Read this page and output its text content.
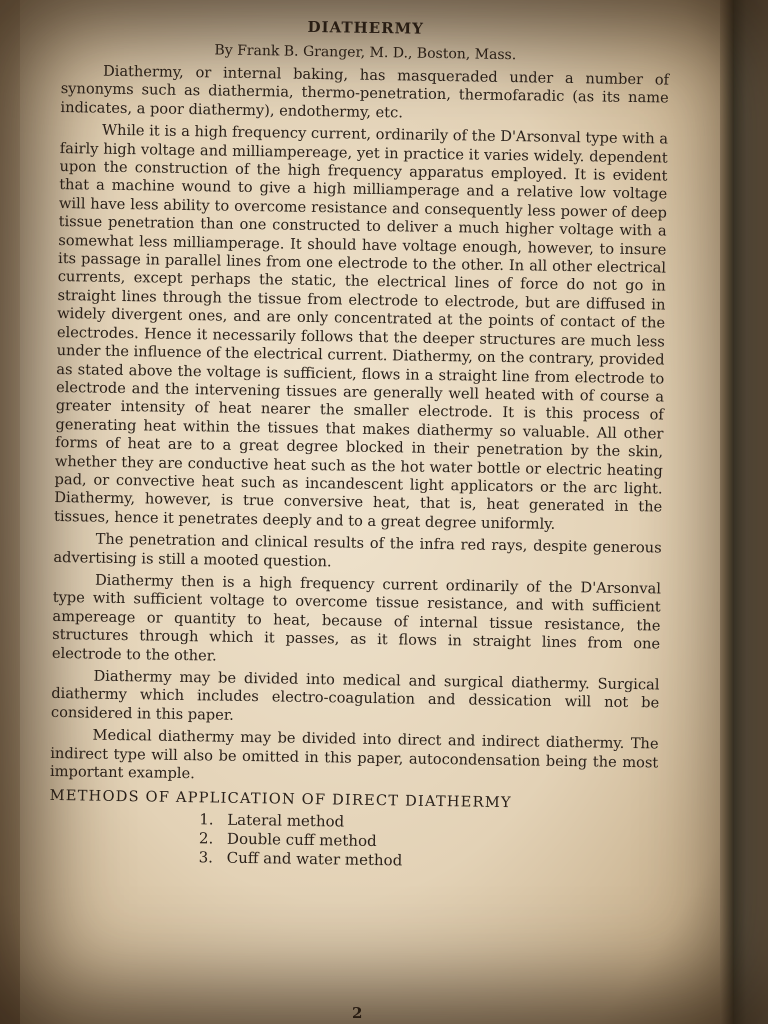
DIATHERMY
By Frank B. Granger, M. D., Boston, Mass.

Diathermy, or internal baking, has masqueraded under a number of synonyms such as diathermia, thermo-penetration, thermofaradic (as its name indicates, a poor diathermy), endothermy, etc.

While it is a high frequency current, ordinarily of the D'Arsonval type with a fairly high voltage and milliampereage, yet in practice it varies widely. dependent upon the construction of the high frequency apparatus employed. It is evident that a machine wound to give a high milliamperage and a relative low voltage will have less ability to overcome resistance and consequently less power of deep tissue penetration than one constructed to deliver a much higher voltage with a somewhat less milliamperage. It should have voltage enough, however, to insure its passage in parallel lines from one electrode to the other. In all other electrical currents, except perhaps the static, the electrical lines of force do not go in straight lines through the tissue from electrode to electrode, but are diffused in widely divergent ones, and are only concentrated at the points of contact of the electrodes. Hence it necessarily follows that the deeper structures are much less under the influence of the electrical current. Diathermy, on the contrary, provided as stated above the voltage is sufficient, flows in a straight line from electrode to electrode and the intervening tissues are generally well heated with of course a greater intensity of heat nearer the smaller electrode. It is this process of generating heat within the tissues that makes diathermy so valuable. All other forms of heat are to a great degree blocked in their penetration by the skin, whether they are conductive heat such as the hot water bottle or electric heating pad, or convective heat such as incandescent light applicators or the arc light. Diathermy, however, is true conversive heat, that is, heat generated in the tissues, hence it penetrates deeply and to a great degree uniformly.

The penetration and clinical results of the infra red rays, despite generous advertising is still a mooted question.

Diathermy then is a high frequency current ordinarily of the D'Arsonval type with sufficient voltage to overcome tissue resistance, and with sufficient ampereage or quantity to heat, because of internal tissue resistance, the structures through which it passes, as it flows in straight lines from one electrode to the other.

Diathermy may be divided into medical and surgical diathermy. Surgical diathermy which includes electro-coagulation and dessication will not be considered in this paper.

Medical diathermy may be divided into direct and indirect diathermy. The indirect type will also be omitted in this paper, autocondensation being the most important example.

METHODS OF APPLICATION OF DIRECT DIATHERMY
1. Lateral method
2. Double cuff method
3. Cuff and water method
2
